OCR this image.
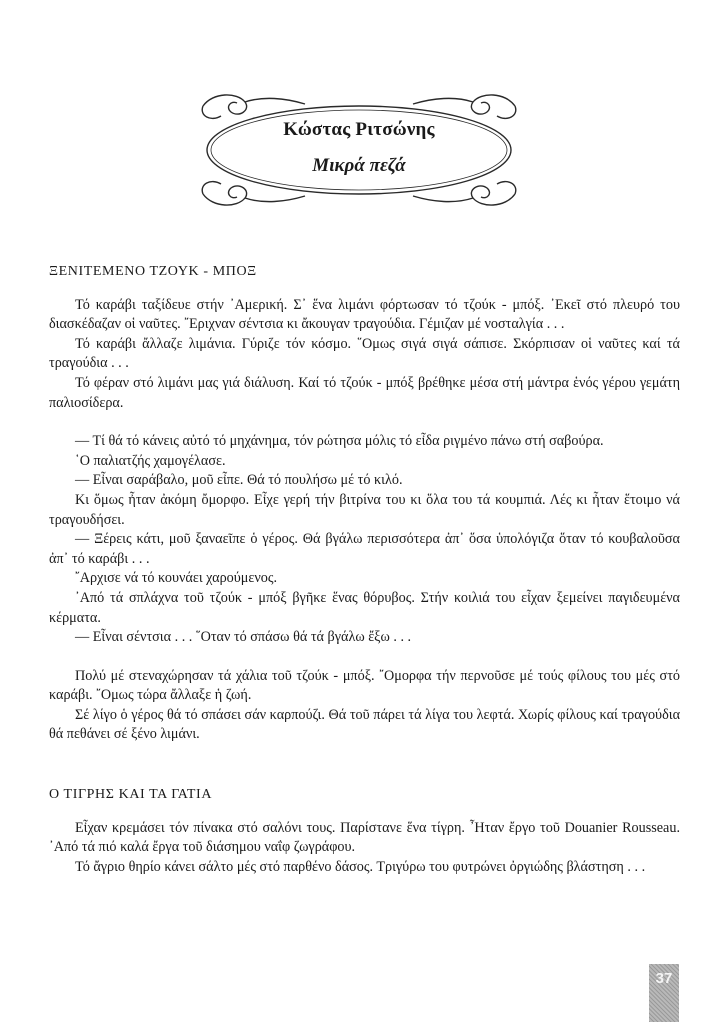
Κώστας Ριτσώνης
Μικρά πεζά
ΞΕΝΙΤΕΜΕΝΟ ΤΖΟΥΚ - ΜΠΟΞ

Τό καράβι ταξίδευε στήν ᾿Αμερική. Σ᾿ ἕνα λιμάνι φόρτωσαν τό τζούκ - μπόξ. ᾿Εκεῖ στό πλευρό του διασκέδαζαν οἱ ναῦτες. ῎Εριχναν σέντσια κι ἄκουγαν τραγούδια. Γέμιζαν μέ νοσταλγία . . .

Τό καράβι ἄλλαζε λιμάνια. Γύριζε τόν κόσμο. ῞Ομως σιγά σιγά σάπισε. Σκόρπισαν οἱ ναῦτες καί τά τραγούδια . . .

Τό φέραν στό λιμάνι μας γιά διάλυση. Καί τό τζούκ - μπόξ βρέθηκε μέσα στή μάντρα ἑνός γέρου γεμάτη παλιοσίδερα.

— Τί θά τό κάνεις αὐτό τό μηχάνημα, τόν ρώτησα μόλις τό εἶδα ριγμένο πάνω στή σαβούρα.

῾Ο παλιατζής χαμογέλασε.

— Εἶναι σαράβαλο, μοῦ εἶπε. Θά τό πουλήσω μέ τό κιλό.

Κι ὅμως ἦταν ἀκόμη ὄμορφο. Εἶχε γερή τήν βιτρίνα του κι ὅλα του τά κουμπιά. Λές κι ἦταν ἕτοιμο νά τραγουδήσει.

— Ξέρεις κάτι, μοῦ ξαναεῖπε ὁ γέρος. Θά βγάλω περισσότερα ἀπ᾿ ὅσα ὑπολόγιζα ὅταν τό κουβαλοῦσα ἀπ᾿ τό καράβι . . .

῎Αρχισε νά τό κουνάει χαρούμενος.

᾿Από τά σπλάχνα τοῦ τζούκ - μπόξ βγῆκε ἕνας θόρυβος. Στήν κοιλιά του εἶχαν ξεμείνει παγιδευμένα κέρματα.

— Εἶναι σέντσια . . . ῞Οταν τό σπάσω θά τά βγάλω ἔξω . . .

Πολύ μέ στεναχώρησαν τά χάλια τοῦ τζούκ - μπόξ. ῎Ομορφα τήν περνοῦσε μέ τούς φίλους του μές στό καράβι. ῎Ομως τώρα ἄλλαξε ἡ ζωή.

Σέ λίγο ὁ γέρος θά τό σπάσει σάν καρπούζι. Θά τοῦ πάρει τά λίγα του λεφτά. Χωρίς φίλους καί τραγούδια θά πεθάνει σέ ξένο λιμάνι.

Ο ΤΙΓΡΗΣ ΚΑΙ ΤΑ ΓΑΤΙΑ

Εἶχαν κρεμάσει τόν πίνακα στό σαλόνι τους. Παρίστανε ἕνα τίγρη. ῏Ηταν ἔργο τοῦ Douanier Rousseau. ᾿Από τά πιό καλά ἔργα τοῦ διάσημου ναΐφ ζωγράφου.

Τό ἄγριο θηρίο κάνει σάλτο μές στό παρθένο δάσος. Τριγύρω του φυτρώνει ὀργιώδης βλάστηση . . .

37
